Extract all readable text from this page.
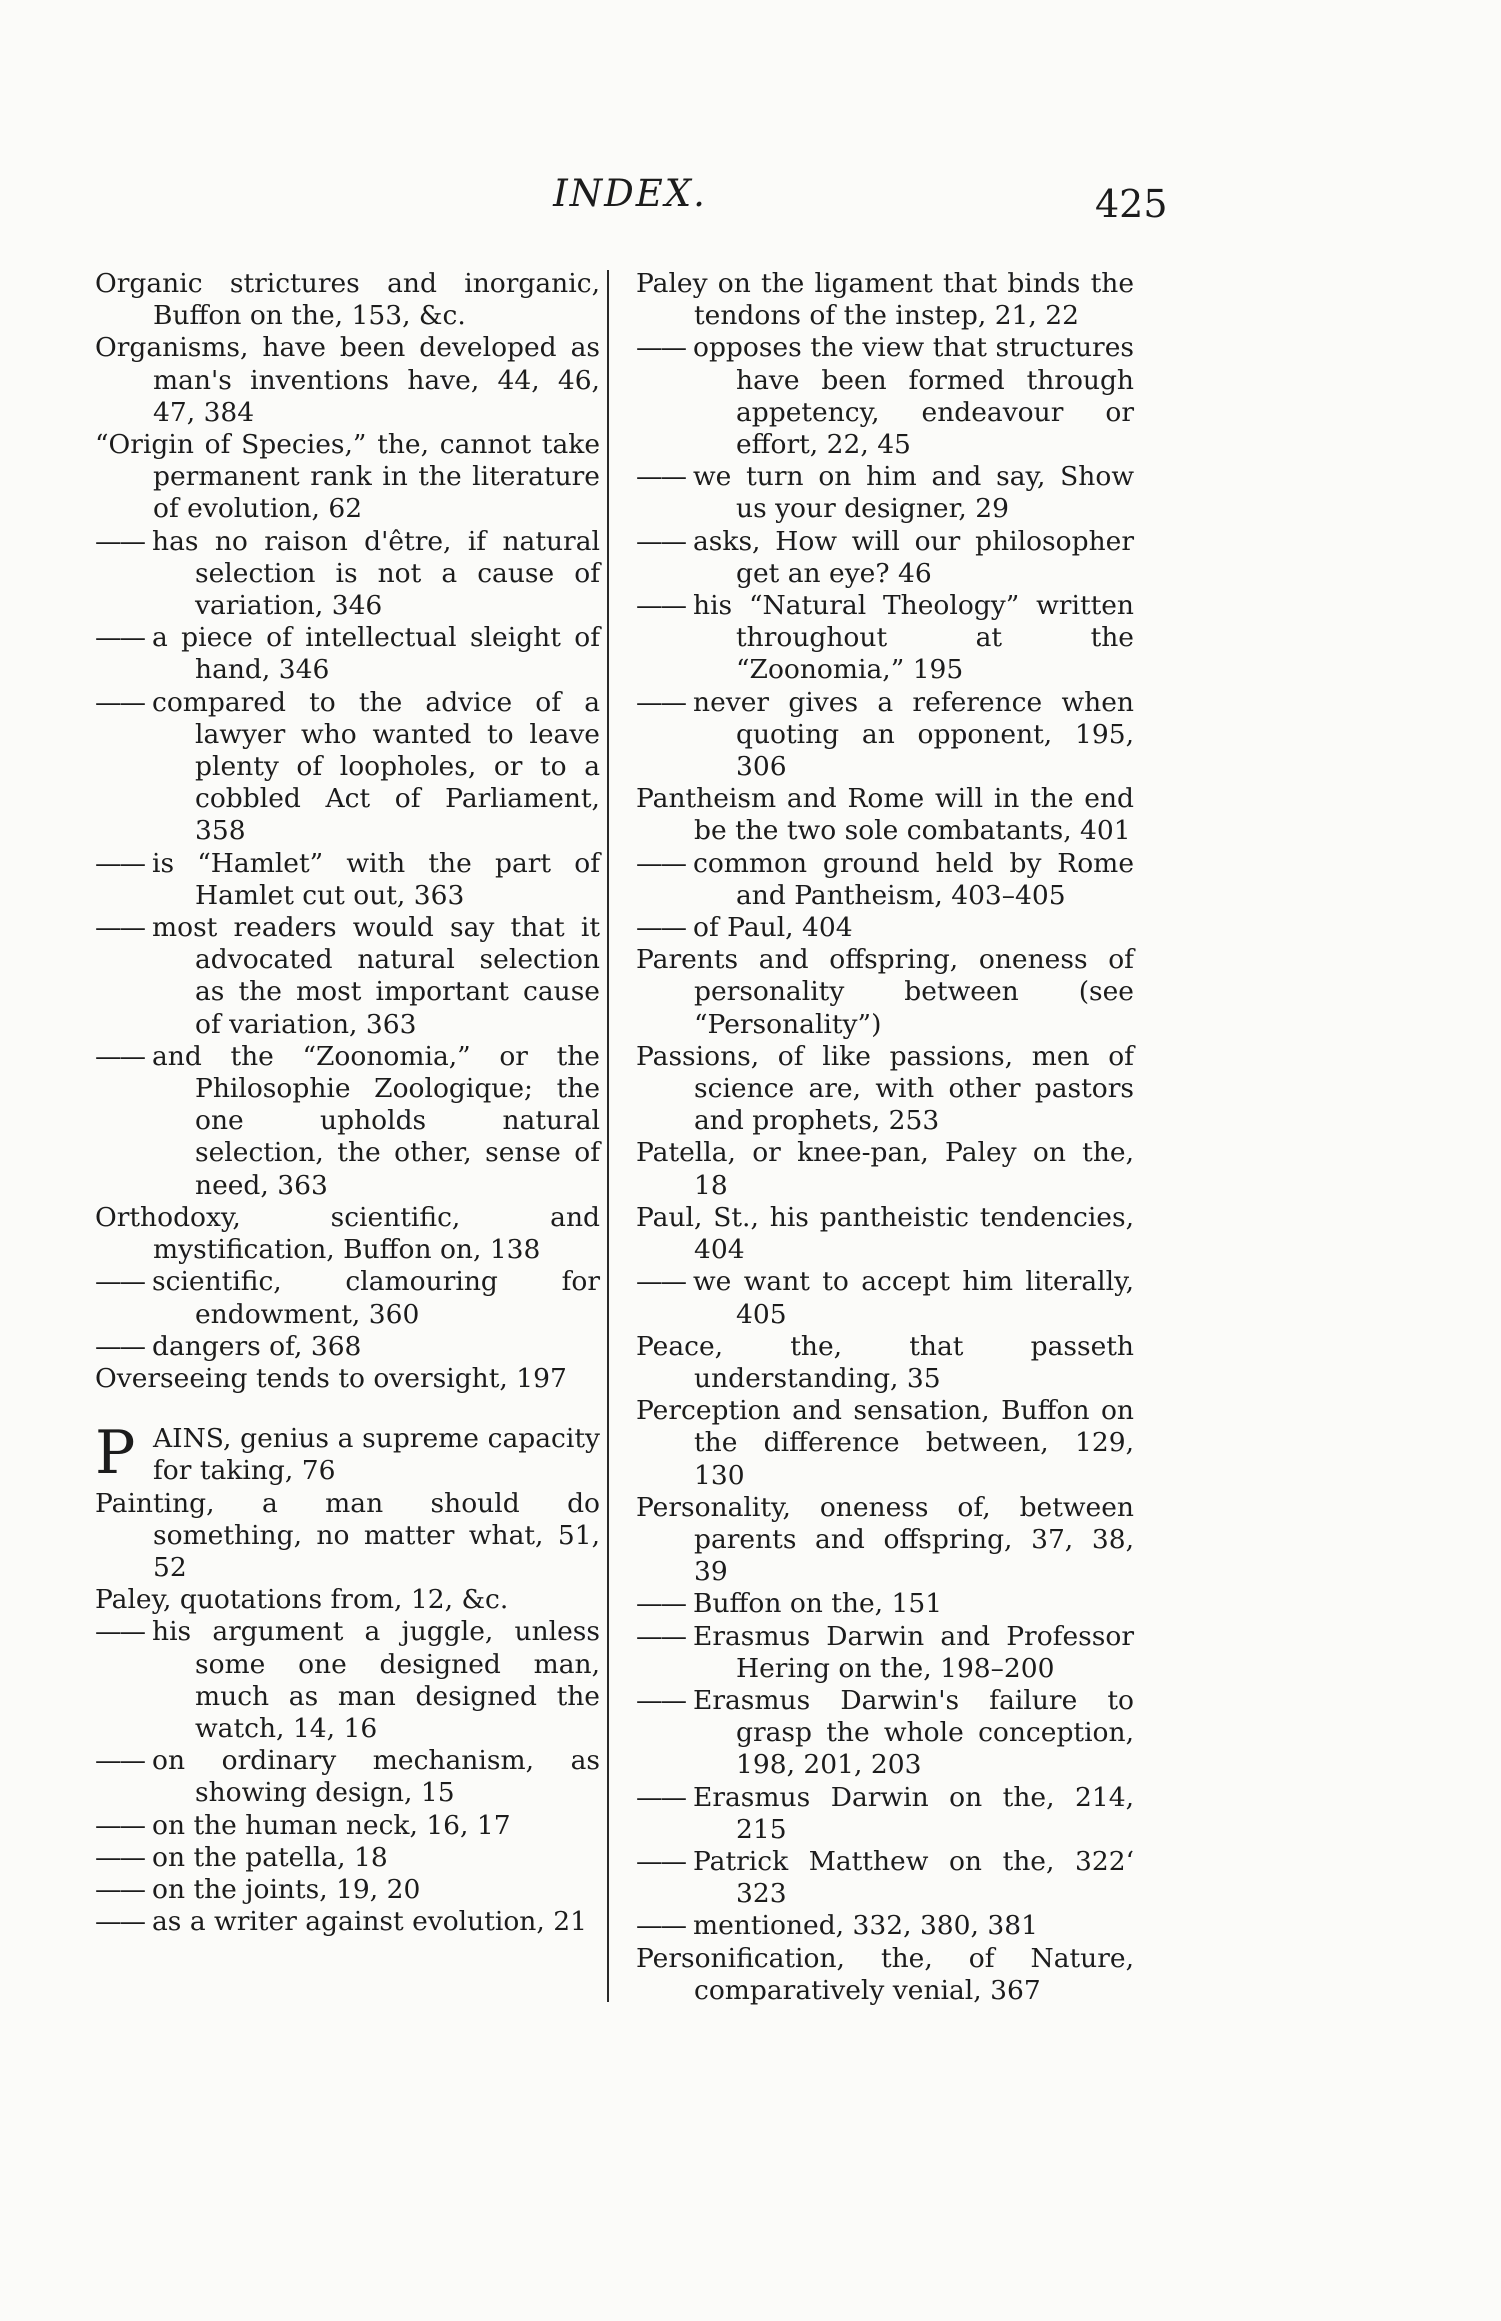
INDEX.	425
Organic strictures and inorganic, Buffon on the, 153, &c.
Organisms, have been developed as man's inventions have, 44, 46, 47, 384
“Origin of Species,” the, cannot take permanent rank in the literature of evolution, 62
—— has no raison d'être, if natural selection is not a cause of variation, 346
—— a piece of intellectual sleight of hand, 346
—— compared to the advice of a lawyer who wanted to leave plenty of loopholes, or to a cobbled Act of Parliament, 358
—— is “Hamlet” with the part of Hamlet cut out, 363
—— most readers would say that it advocated natural selection as the most important cause of variation, 363
—— and the “Zoonomia,” or the Philosophie Zoologique; the one upholds natural selection, the other, sense of need, 363
Orthodoxy, scientific, and mystification, Buffon on, 138
—— scientific, clamouring for endowment, 360
—— dangers of, 368
Overseeing tends to oversight, 197
PAINS, genius a supreme capacity for taking, 76
Painting, a man should do something, no matter what, 51, 52
Paley, quotations from, 12, &c.
—— his argument a juggle, unless some one designed man, much as man designed the watch, 14, 16
—— on ordinary mechanism, as showing design, 15
—— on the human neck, 16, 17
—— on the patella, 18
—— on the joints, 19, 20
—— as a writer against evolution, 21
Paley on the ligament that binds the tendons of the instep, 21, 22
—— opposes the view that structures have been formed through appetency, endeavour or effort, 22, 45
—— we turn on him and say, Show us your designer, 29
—— asks, How will our philosopher get an eye? 46
—— his “Natural Theology” written throughout at the “Zoonomia,” 195
—— never gives a reference when quoting an opponent, 195, 306
Pantheism and Rome will in the end be the two sole combatants, 401
—— common ground held by Rome and Pantheism, 403–405
—— of Paul, 404
Parents and offspring, oneness of personality between (see “Personality”)
Passions, of like passions, men of science are, with other pastors and prophets, 253
Patella, or knee-pan, Paley on the, 18
Paul, St., his pantheistic tendencies, 404
—— we want to accept him literally, 405
Peace, the, that passeth understanding, 35
Perception and sensation, Buffon on the difference between, 129, 130
Personality, oneness of, between parents and offspring, 37, 38, 39
—— Buffon on the, 151
—— Erasmus Darwin and Professor Hering on the, 198–200
—— Erasmus Darwin's failure to grasp the whole conception, 198, 201, 203
—— Erasmus Darwin on the, 214, 215
—— Patrick Matthew on the, 322‘ 323
—— mentioned, 332, 380, 381
Personification, the, of Nature, comparatively venial, 367
